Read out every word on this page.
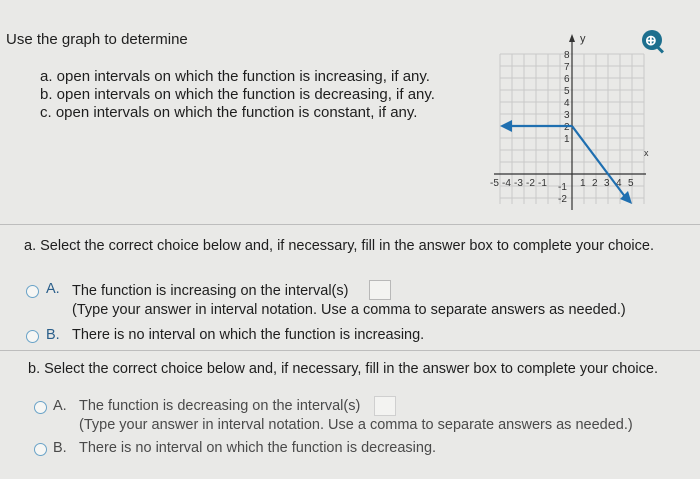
Use the graph to determine
a. open intervals on which the function is increasing, if any.
b. open intervals on which the function is decreasing, if any.
c. open intervals on which the function is constant, if any.
⊕
y
x
8
7
6
5
4
3
2
1
-1
-2
-5 -4 -3 -2 -1	1 2 3 4 5
a. Select the correct choice below and, if necessary, fill in the answer box to complete your choice.
A. The function is increasing on the interval(s)
(Type your answer in interval notation. Use a comma to separate answers as needed.)
B. There is no interval on which the function is increasing.
b. Select the correct choice below and, if necessary, fill in the answer box to complete your choice.
A. The function is decreasing on the interval(s)
(Type your answer in interval notation. Use a comma to separate answers as needed.)
B. There is no interval on which the function is decreasing.
